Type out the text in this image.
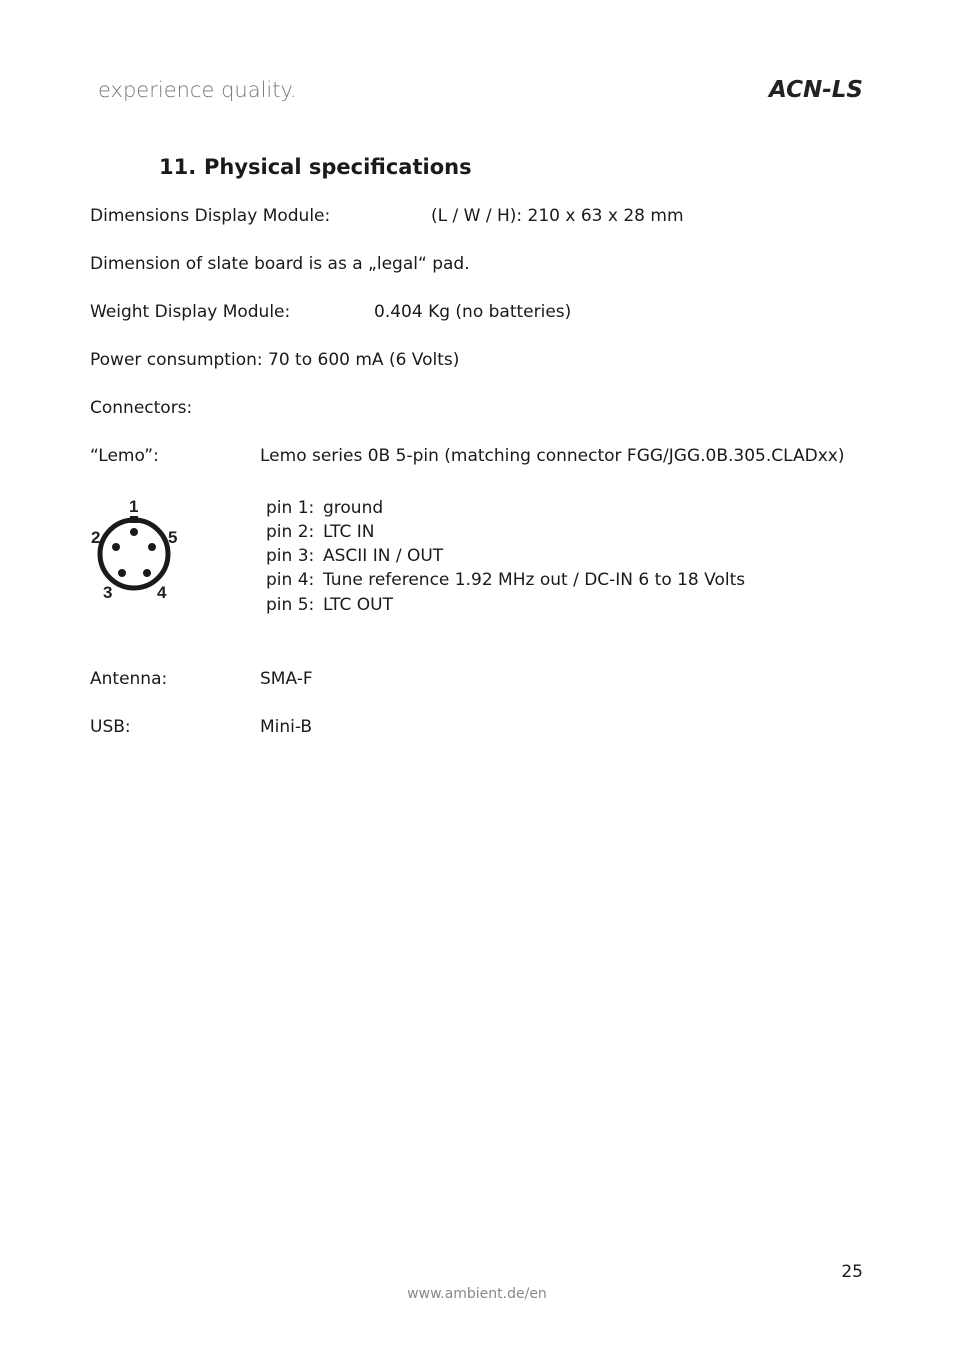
experience quality.	ACN-LS
11. Physical specifications
Dimensions Display Module:	(L / W / H): 210 x 63 x 28 mm
Dimension of slate board is as a „legal“ pad.
Weight Display Module:	0.404 Kg (no batteries)
Power consumption: 70 to 600 mA (6 Volts)
Connectors:
“Lemo”:	Lemo series 0B 5-pin (matching connector FGG/JGG.0B.305.CLADxx)
1
2
3	4
5
pin 1: ground
pin 2: LTC IN
pin 3: ASCII IN / OUT
pin 4: Tune reference 1.92 MHz out / DC-IN 6 to 18 Volts
pin 5: LTC OUT
Antenna:	SMA-F
USB:	Mini-B
25
www.ambient.de/en
